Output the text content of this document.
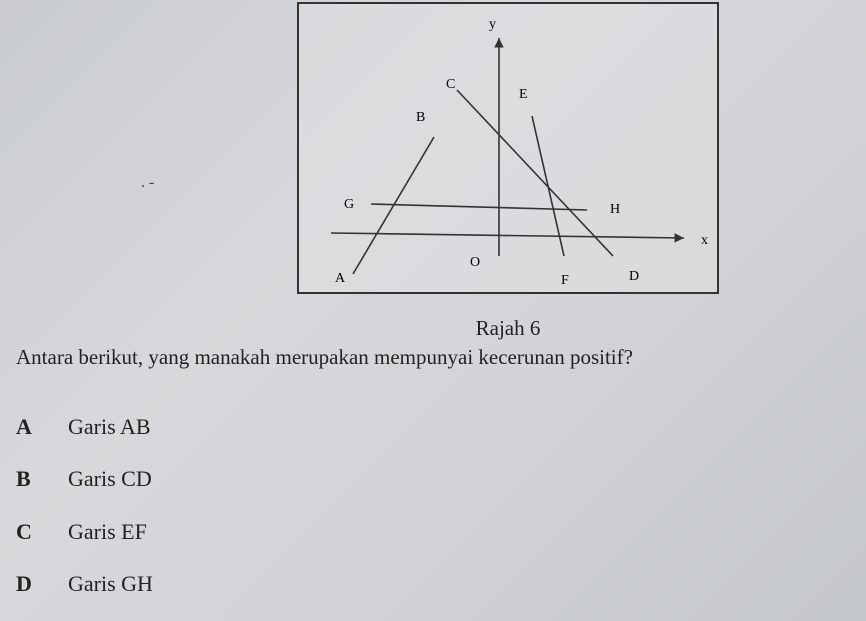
. -
y
x
O
A
B
C
D
E
F
G	H
Rajah 6
Antara berikut, yang manakah merupakan mempunyai kecerunan positif?
A Garis AB
B Garis CD
C Garis EF
D Garis GH
